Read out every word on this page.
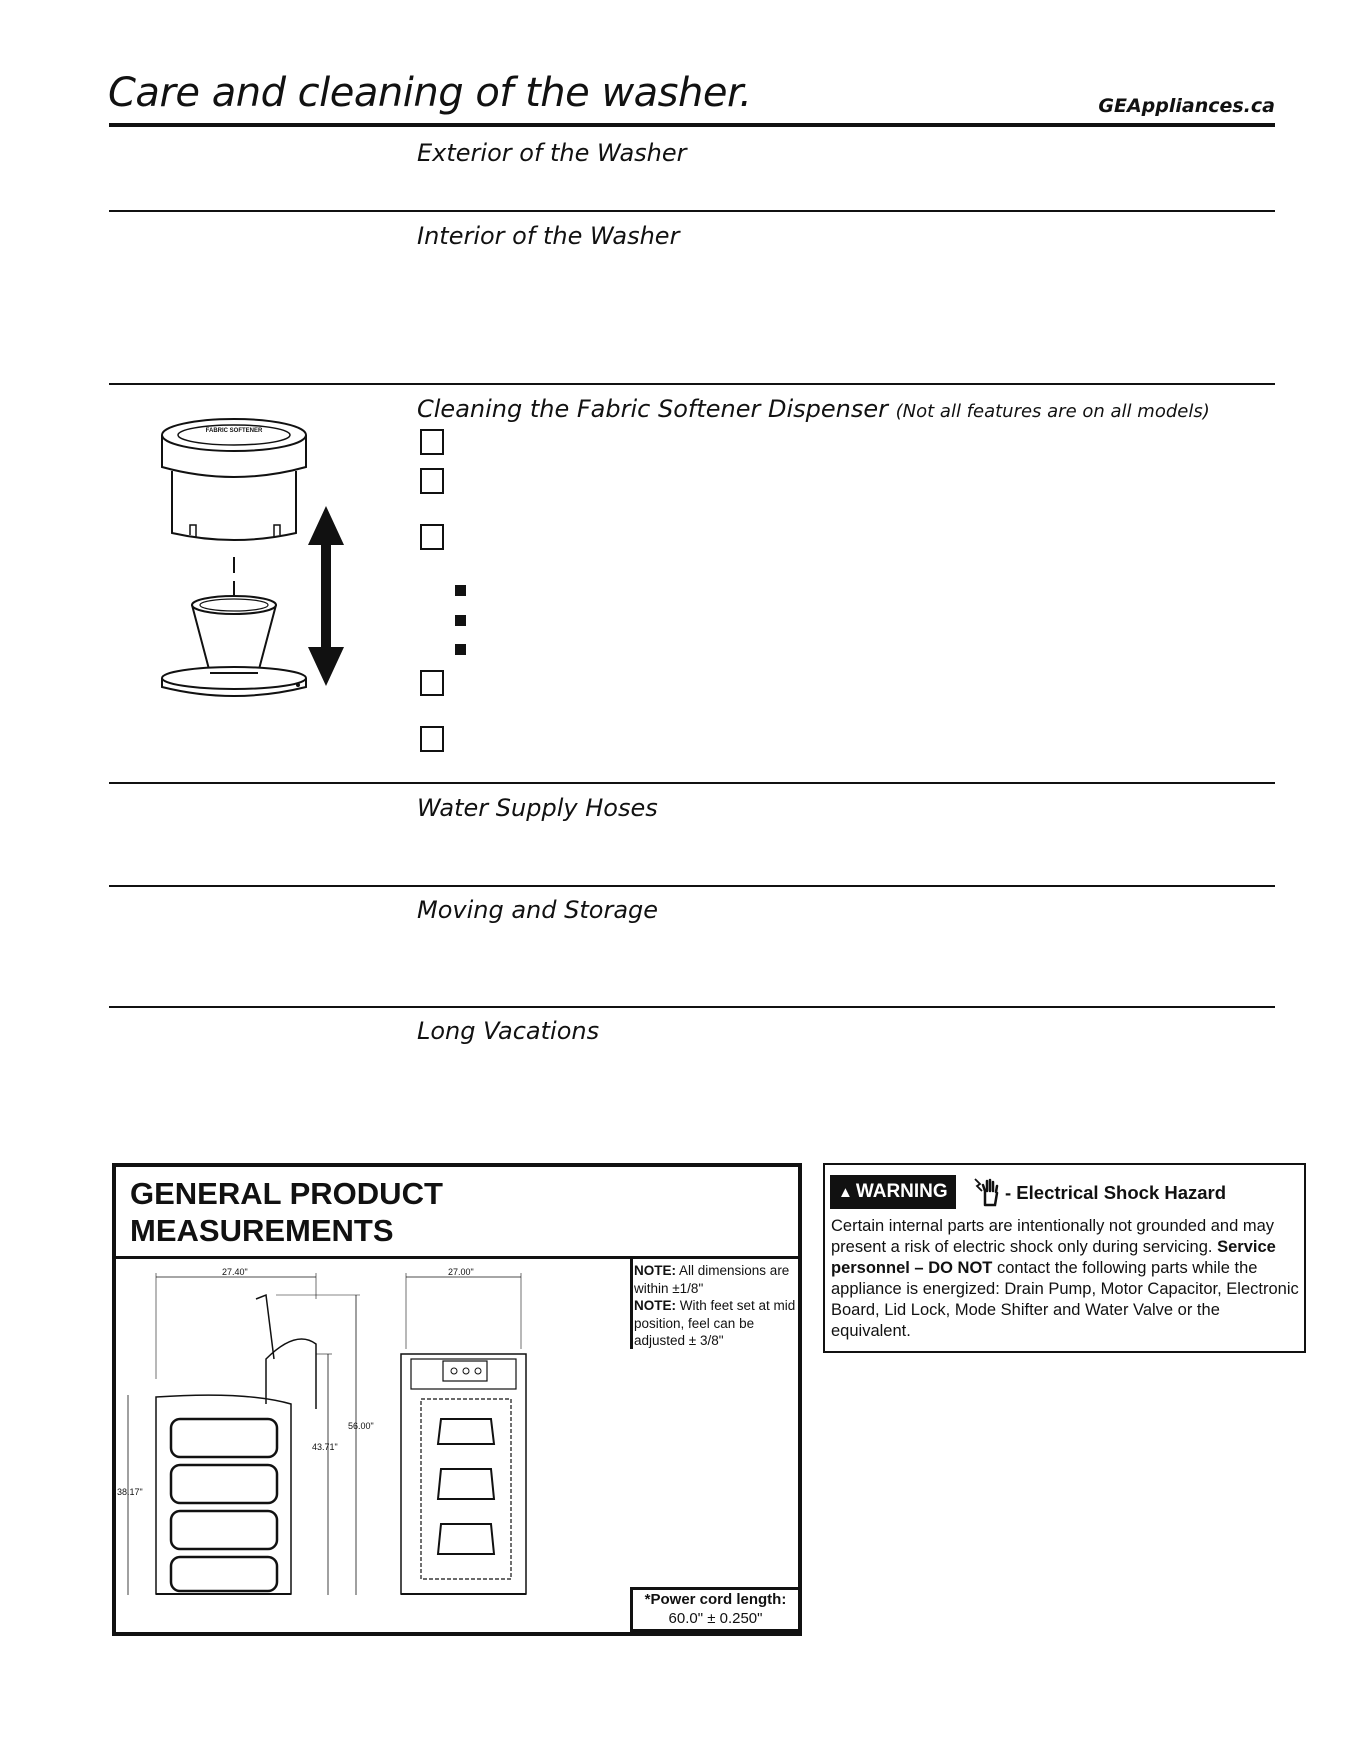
Care and cleaning of the washer.	GEAppliances.ca
Exterior of the Washer
Interior of the Washer
Cleaning the Fabric Softener Dispenser (Not all features are on all models)
FABRIC SOFTENER
Water Supply Hoses
Moving and Storage
Long Vacations
GENERAL PRODUCT MEASUREMENTS
NOTE: All dimensions are within ±1/8"
NOTE: With feet set at mid position, feel can be adjusted ± 3/8"
27.40"	27.00"
56.00"
43.71"
38.17"
*Power cord length:
60.0" ± 0.250"
▲ WARNING	- Electrical Shock Hazard
Certain internal parts are intentionally not grounded and may present a risk of electric shock only during servicing. Service personnel – DO NOT contact the following parts while the appliance is energized: Drain Pump, Motor Capacitor, Electronic Board, Lid Lock, Mode Shifter and Water Valve or the equivalent.
